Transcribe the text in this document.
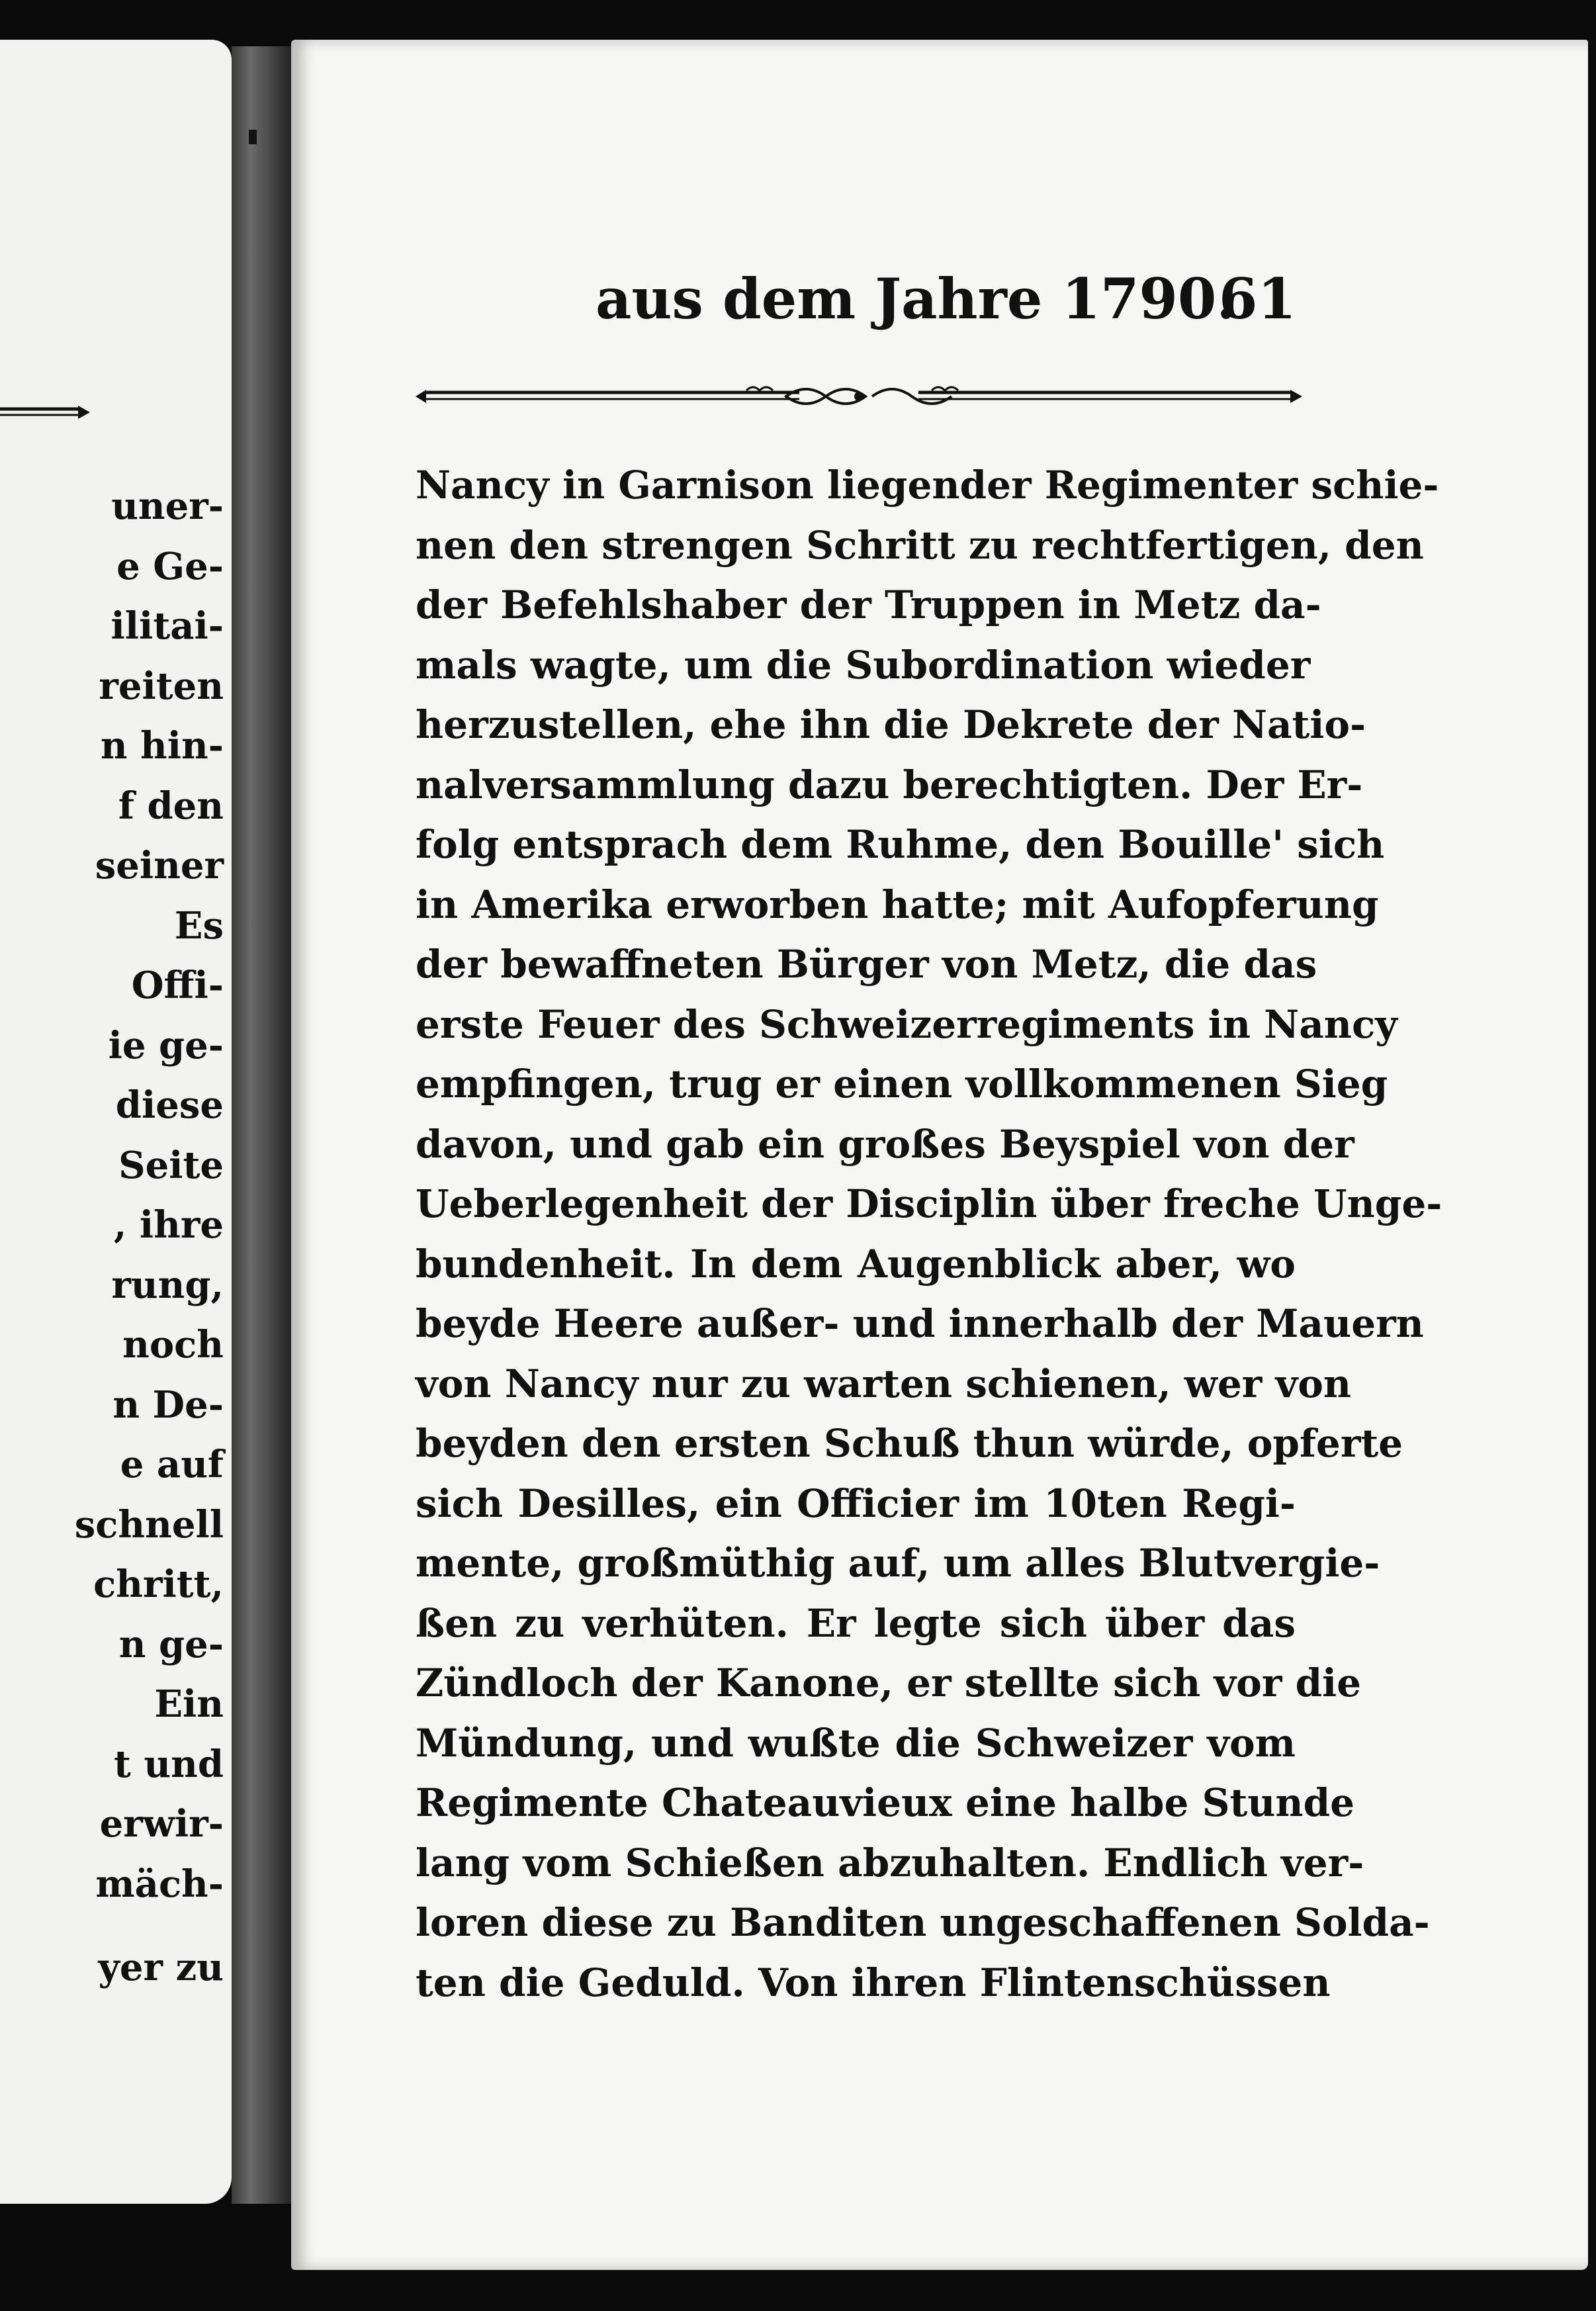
uner-
e Ge-
ilitai-
reiten
n hin-
f den
seiner
Es
Offi-
ie ge-
diese
Seite
, ihre
rung,
noch
n De-
e auf
schnell
chritt,
n ge-
Ein
t und
erwir-
mäch-
yer zu
aus dem Jahre 1790.
61
Nancy in Garnison liegender Regimenter schie-
nen den strengen Schritt zu rechtfertigen, den
der Befehlshaber der Truppen in Metz da-
mals wagte, um die Subordination wieder
herzustellen, ehe ihn die Dekrete der Natio-
nalversammlung dazu berechtigten. Der Er-
folg entsprach dem Ruhme, den Bouille' sich
in Amerika erworben hatte; mit Aufopferung
der bewaffneten Bürger von Metz, die das
erste Feuer des Schweizerregiments in Nancy
empfingen, trug er einen vollkommenen Sieg
davon, und gab ein großes Beyspiel von der
Ueberlegenheit der Disciplin über freche Unge-
bundenheit. In dem Augenblick aber, wo
beyde Heere außer- und innerhalb der Mauern
von Nancy nur zu warten schienen, wer von
beyden den ersten Schuß thun würde, opferte
sich Desilles, ein Officier im 10ten Regi-
mente, großmüthig auf, um alles Blutvergie-
ßen zu verhüten. Er legte sich über das
Zündloch der Kanone, er stellte sich vor die
Mündung, und wußte die Schweizer vom
Regimente Chateauvieux eine halbe Stunde
lang vom Schießen abzuhalten. Endlich ver-
loren diese zu Banditen ungeschaffenen Solda-
ten die Geduld. Von ihren Flintenschüssen
